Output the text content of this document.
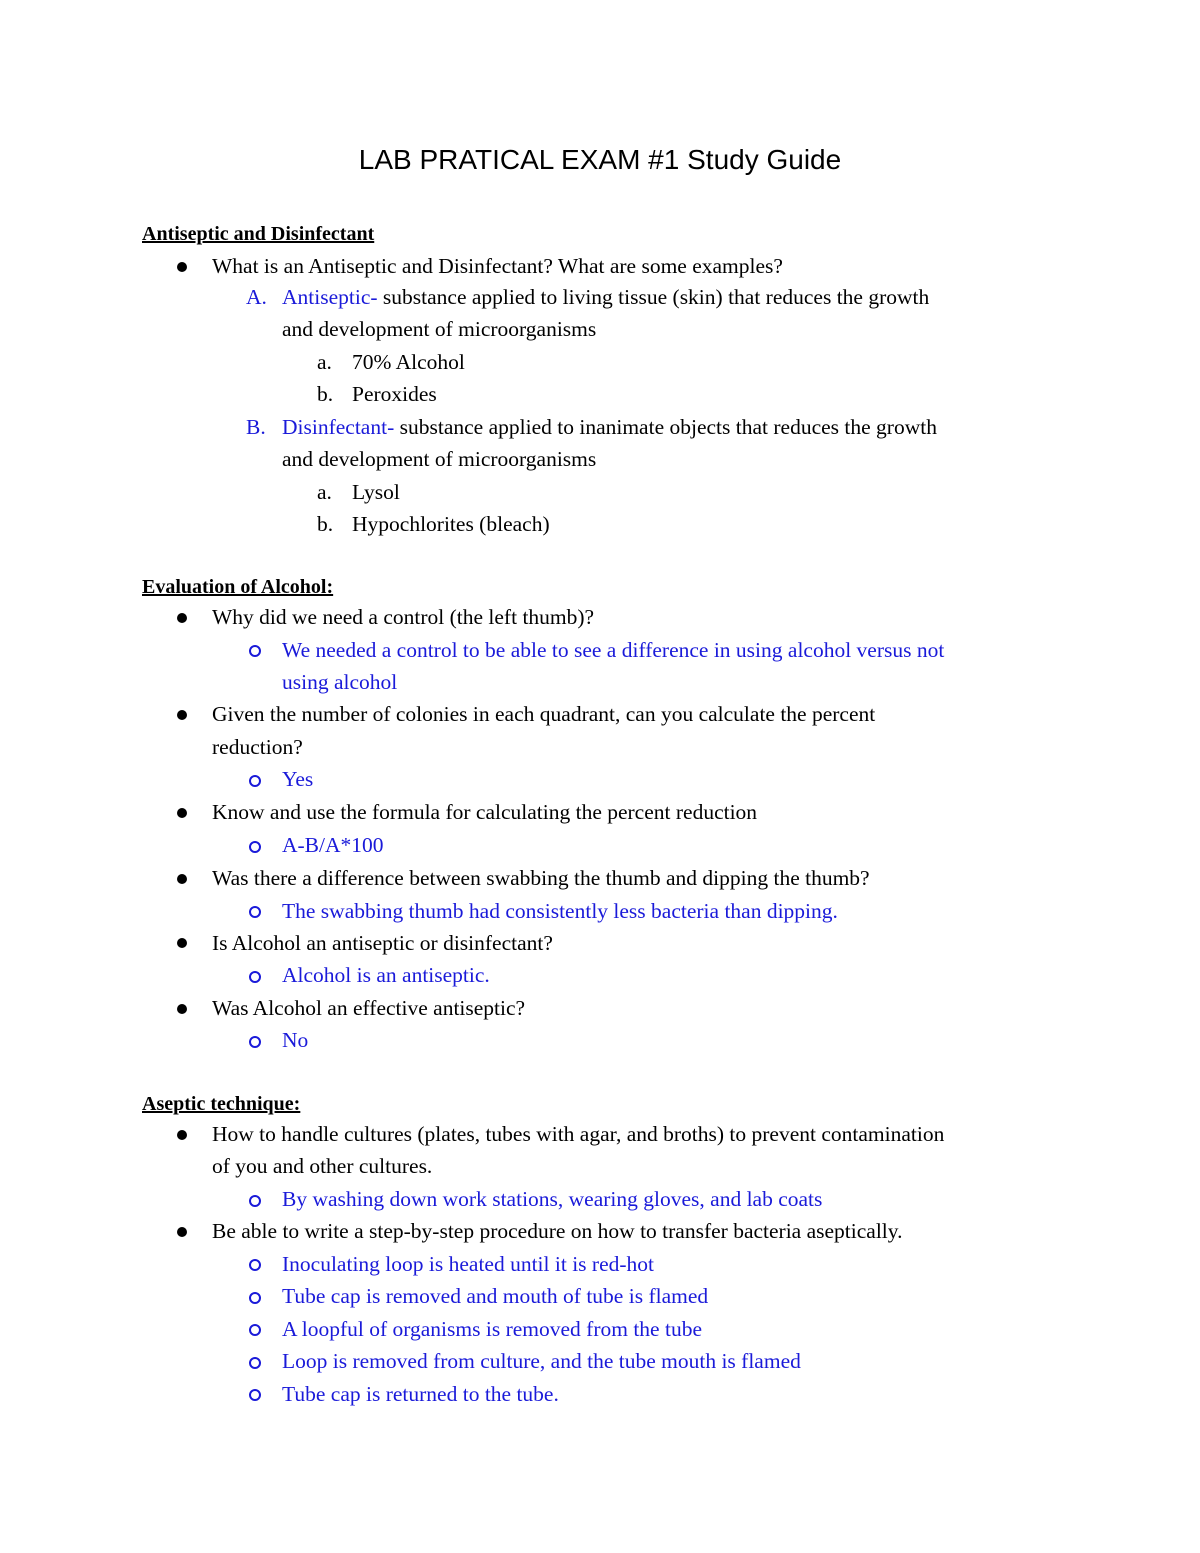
LAB PRATICAL EXAM #1 Study Guide
Antiseptic and Disinfectant
What is an Antiseptic and Disinfectant? What are some examples?
A. Antiseptic- substance applied to living tissue (skin) that reduces the growth
and development of microorganisms
a. 70% Alcohol
b. Peroxides
B. Disinfectant- substance applied to inanimate objects that reduces the growth
and development of microorganisms
a. Lysol
b. Hypochlorites (bleach)
Evaluation of Alcohol:
Why did we need a control (the left thumb)?
We needed a control to be able to see a difference in using alcohol versus not
using alcohol
Given the number of colonies in each quadrant, can you calculate the percent
reduction?
Yes
Know and use the formula for calculating the percent reduction
A-B/A*100
Was there a difference between swabbing the thumb and dipping the thumb?
The swabbing thumb had consistently less bacteria than dipping.
Is Alcohol an antiseptic or disinfectant?
Alcohol is an antiseptic.
Was Alcohol an effective antiseptic?
No
Aseptic technique:
How to handle cultures (plates, tubes with agar, and broths) to prevent contamination
of you and other cultures.
By washing down work stations, wearing gloves, and lab coats
Be able to write a step-by-step procedure on how to transfer bacteria aseptically.
Inoculating loop is heated until it is red-hot
Tube cap is removed and mouth of tube is flamed
A loopful of organisms is removed from the tube
Loop is removed from culture, and the tube mouth is flamed
Tube cap is returned to the tube.
